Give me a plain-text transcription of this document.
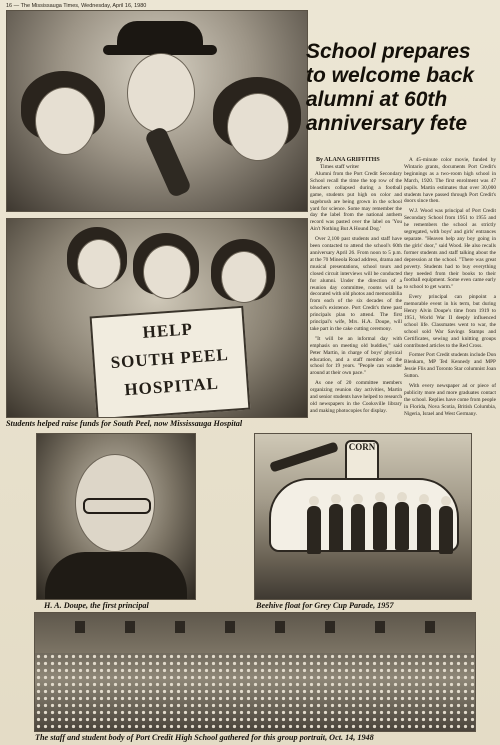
16 — The Mississauga Times, Wednesday, April 16, 1980
School prepares to welcome back alumni at 60th anniversary fete
By ALANA GRIFFITHS
Times staff writer

Alumni from the Port Credit Secondary School recall the time the top row of the bleachers collapsed during a football game, students put high on color and sagebrush are being grown in the school yard for science. Some may remember the day the label from the national anthem record was pasted over the label on 'You Ain't Nothing But A Hound Dog.'

Over 2,100 past students and staff have been contacted to attend the school's 60th anniversary April 26. From noon to 5 p.m. at the 70 Mineola Road address, drama and musical presentations, school tours and closed circuit interviews will be conducted for alumni. Under the direction of a reunion day committee, rooms will be decorated with old photos and memorabilia from each of the six decades of the school's existence. Port Credit's three past principals plan to attend. The first principal's wife, Mrs. H.A. Doupe, will take part in the cake cutting ceremony.

"It will be an informal day with emphasis on meeting old buddies," said Peter Martin, in charge of boys' physical education, and a staff member of the school for 19 years. "People can wander around at their own pace."

As one of 20 committee members organizing reunion day activities, Martin and senior students have helped to research old newspapers in the Cooksville library and making photocopies for display.

A 45-minute color movie, funded by Wintario grants, documents Port Credit's beginnings as a two-room high school in March, 1920. The first enrolment was 47 pupils. Martin estimates that over 30,000 students have passed through Port Credit's doors since then.

W.J. Wood was principal of Port Credit Secondary School from 1951 to 1955 and he remembers the school as strictly segregated, with boys' and girls' entrances separate. "Heaven help any boy going in the girls' door," said Wood. He also recalls former students and staff talking about the depression at the school. "There was great poverty. Students had to buy everything they needed from their books to their football equipment. Some even came early to school to get warm."

Every principal can pinpoint a memorable event in his term, but during Henry Alvin Doupe's time from 1919 to 1951, World War II deeply influenced school life. Classmates went to war, the school sold War Savings Stamps and Certificates, sewing and knitting groups contributed articles to the Red Cross.

Former Port Credit students include Don Blenkarn, MP Ted Kennedy and MPP Jessie Flis and Toronto Star columnist Joan Sutton.

With every newspaper ad or piece of publicity more and more graduates contact the school. Replies have come from people in Florida, Nova Scotia, British Columbia, Nigeria, Israel and West Germany.

HELP
SOUTH PEEL
HOSPITAL
Students helped raise funds for South Peel, now Mississauga Hospital
H. A. Doupe, the first principal
CORN
Beehive float for Grey Cup Parade, 1957
The staff and student body of Port Credit High School gathered for this group portrait, Oct. 14, 1948
